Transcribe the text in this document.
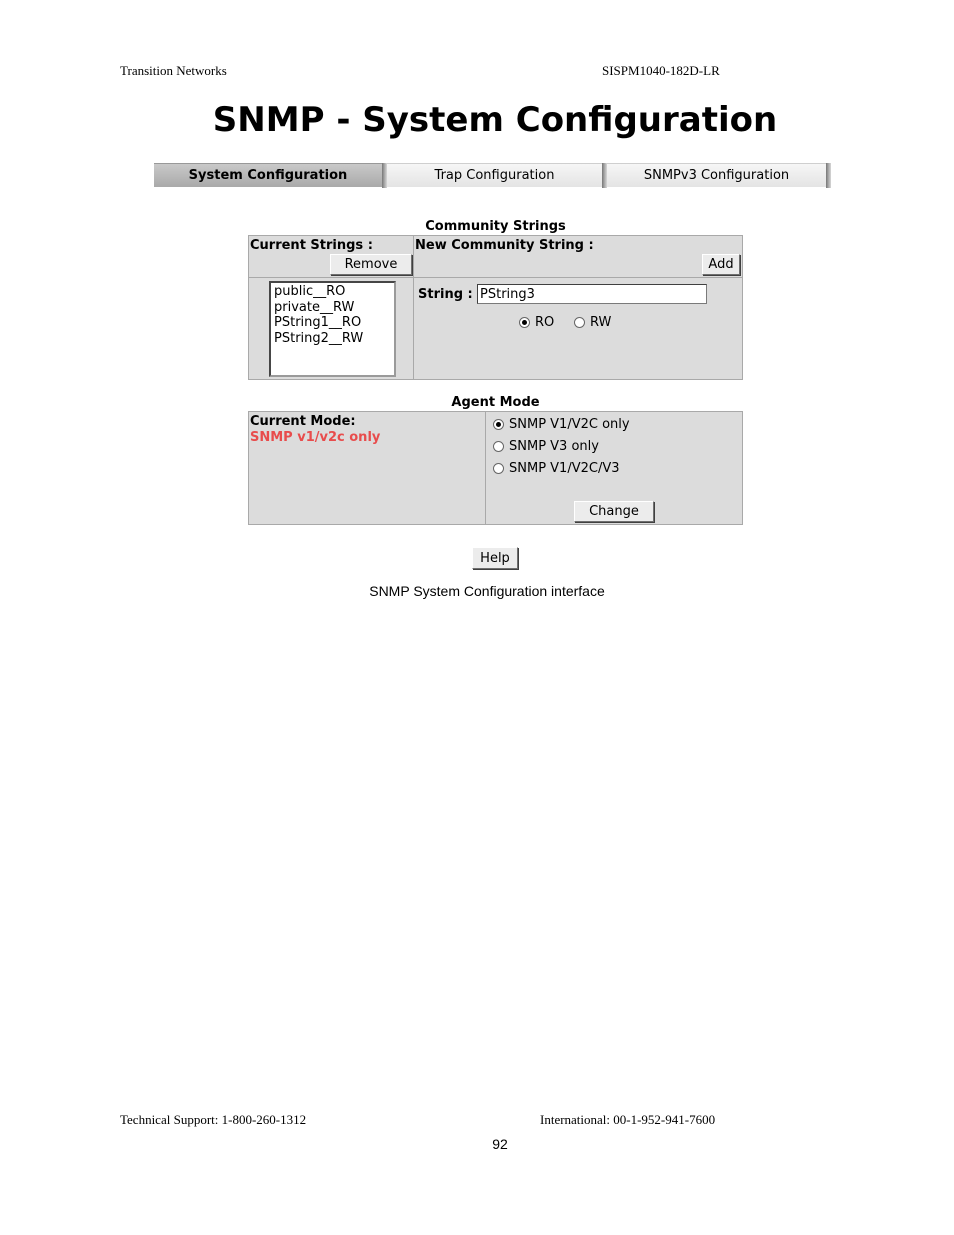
Transition Networks	SISPM1040-182D-LR
SNMP - System Configuration
System Configuration	Trap Configuration	SNMPv3 Configuration
Community Strings
Current Strings :
Remove
New Community String :
Add
public__RO
private__RW
PString1__RO
PString2__RW
String :
PString3
RO	RW
Agent Mode
Current Mode:
SNMP v1/v2c only
SNMP V1/V2C only
SNMP V3 only
SNMP V1/V2C/V3
Change
Help
SNMP System Configuration interface
Technical Support: 1-800-260-1312	International: 00-1-952-941-7600
92
